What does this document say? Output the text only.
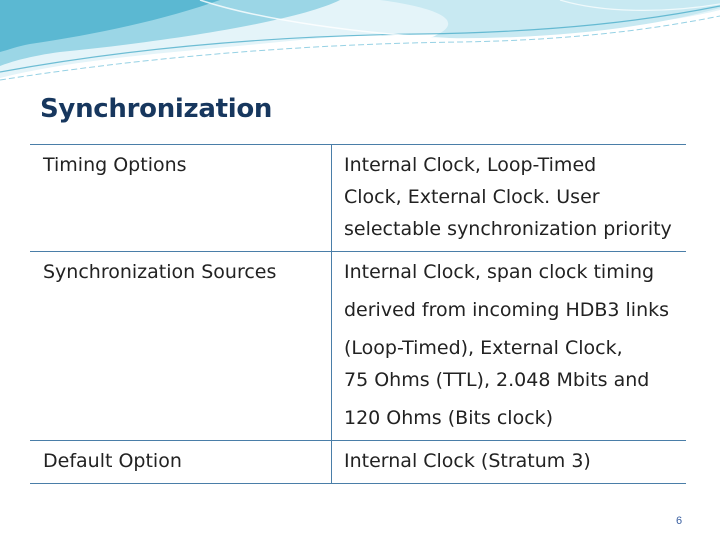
Synchronization
Timing Options	Internal Clock, Loop-Timed
Clock, External Clock. User
selectable synchronization priority

Synchronization Sources	Internal Clock, span clock timing
derived from incoming HDB3 links
(Loop-Timed), External Clock,
75 Ohms (TTL), 2.048 Mbits and
120 Ohms (Bits clock)

Default Option	Internal Clock (Stratum 3)
6
